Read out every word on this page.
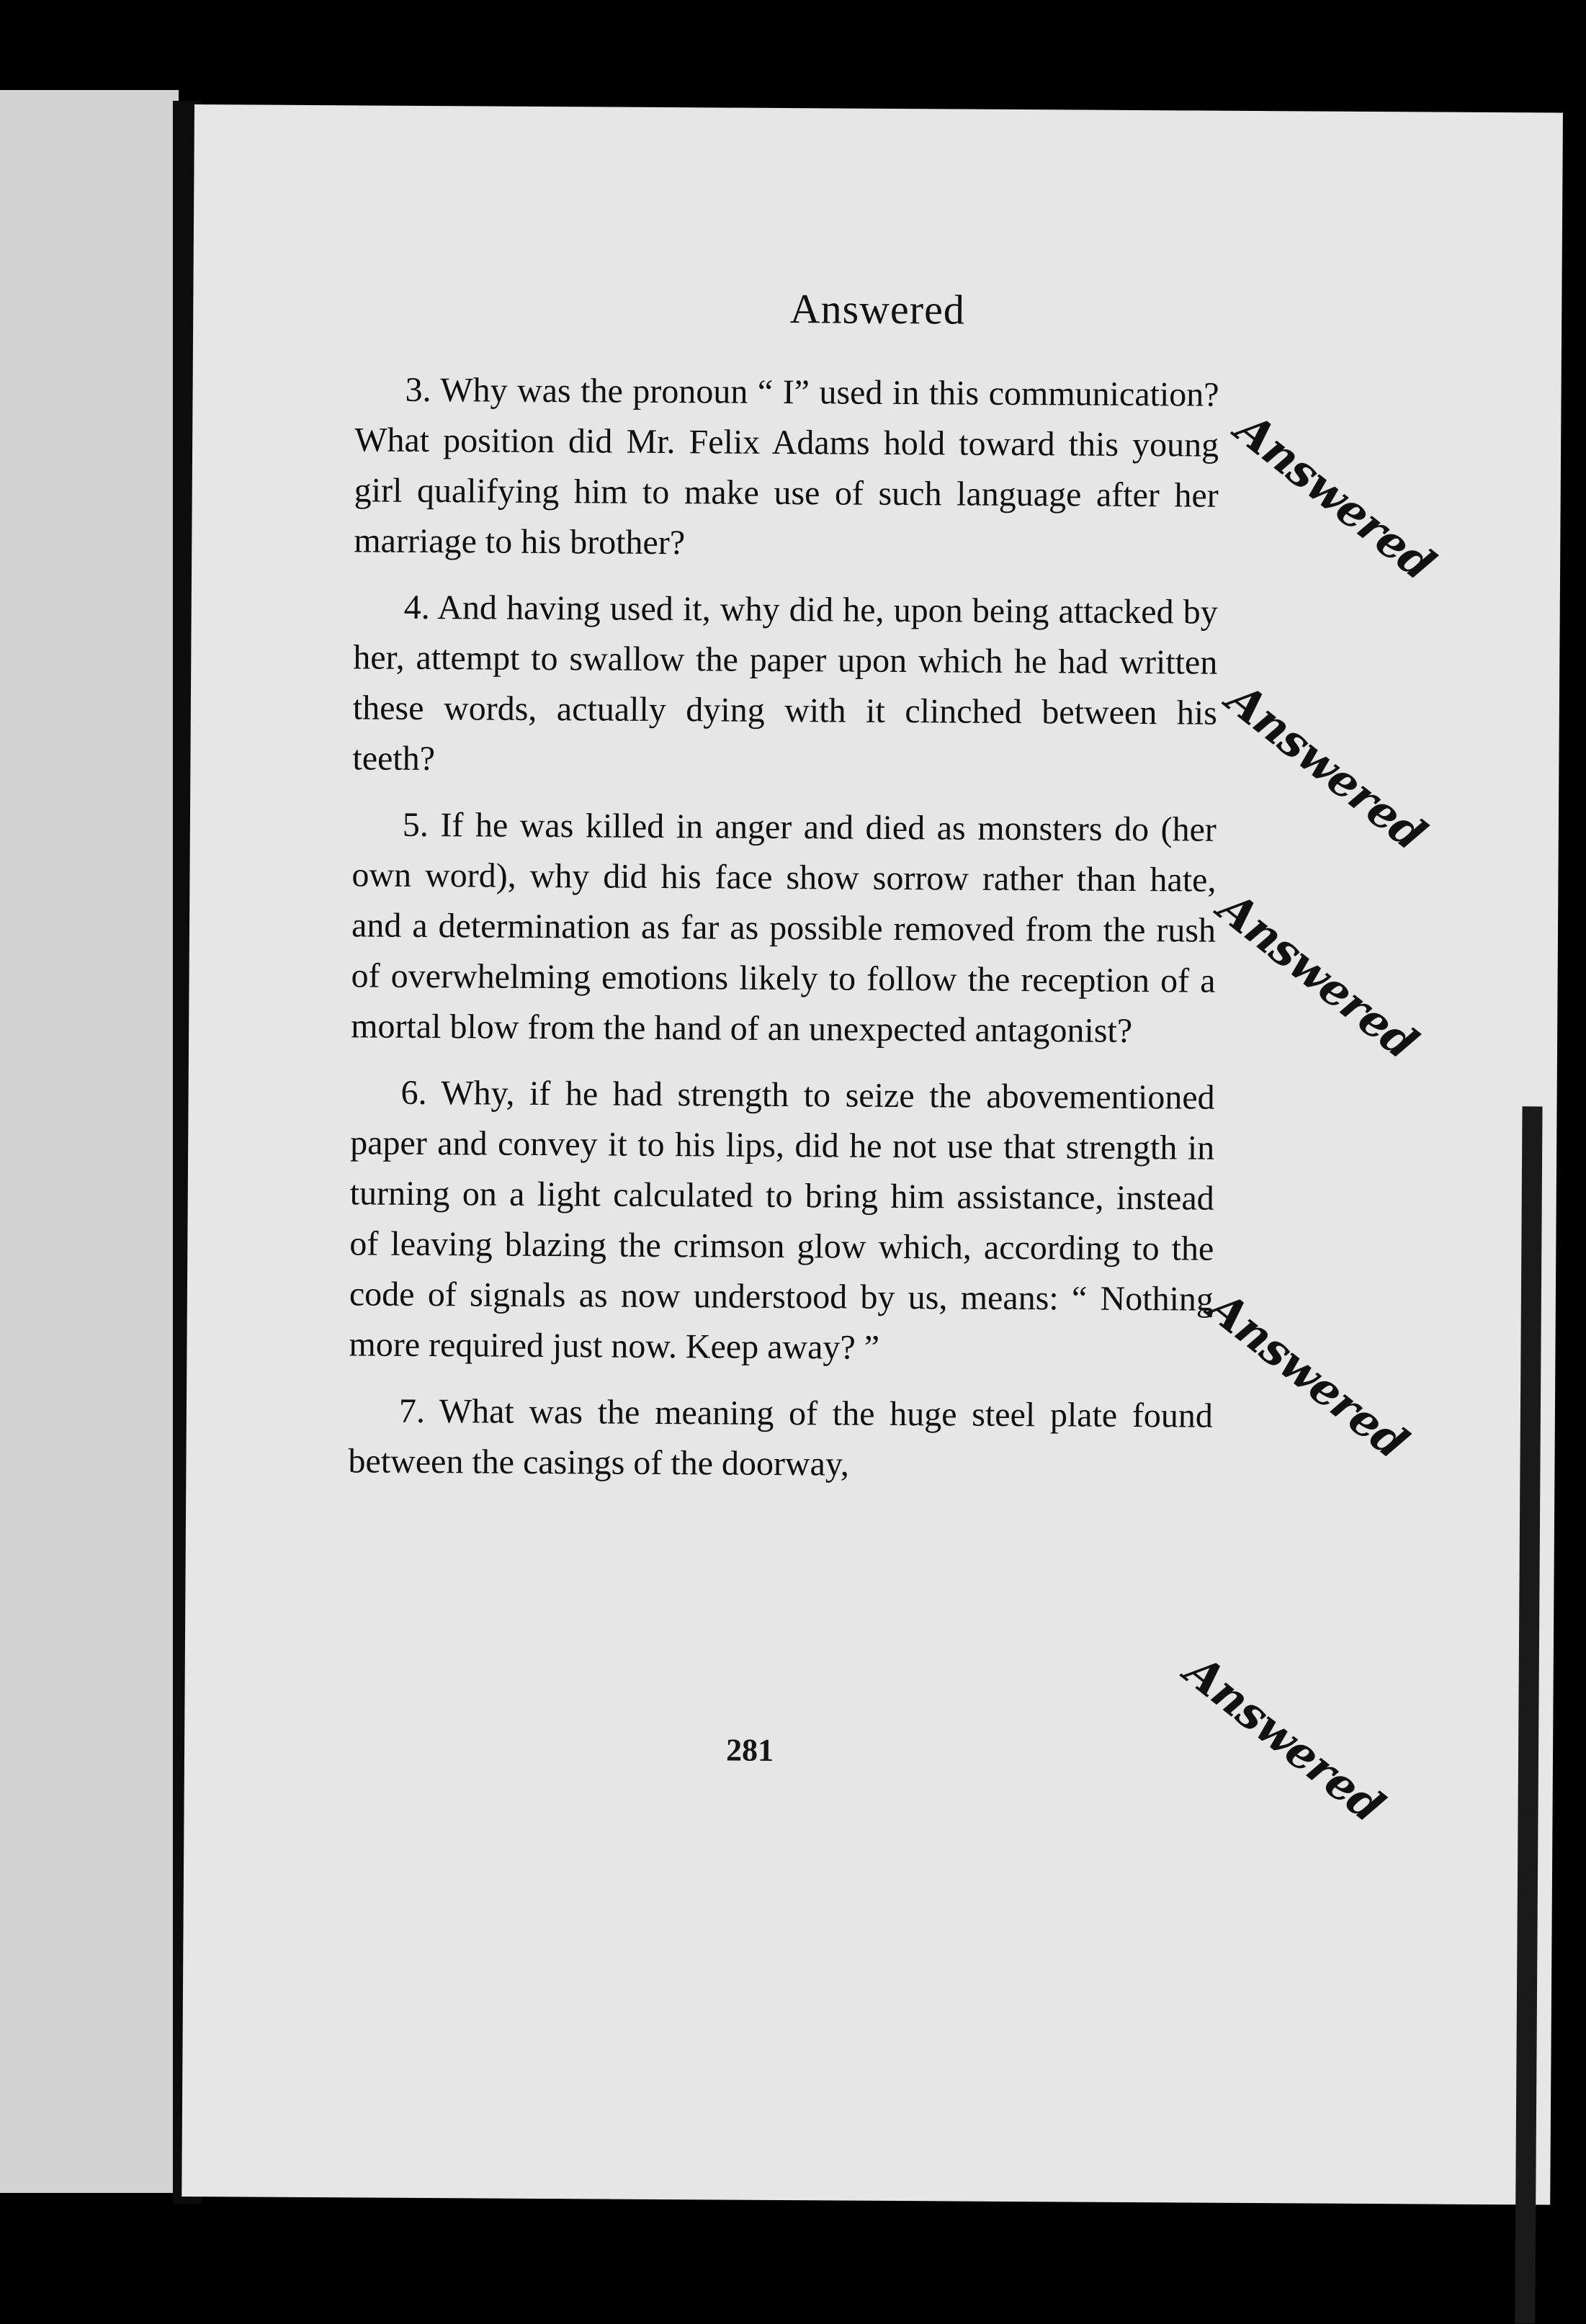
Answered

3. Why was the pronoun “ I” used in this communication? What position did Mr. Felix Adams hold toward this young girl qualifying him to make use of such language after her marriage to his brother?

4. And having used it, why did he, upon being attacked by her, attempt to swallow the paper upon which he had written these words, actually dying with it clinched between his teeth?

5. If he was killed in anger and died as monsters do (her own word), why did his face show sorrow rather than hate, and a determination as far as possible removed from the rush of overwhelming emotions likely to follow the reception of a mortal blow from the hand of an unexpected antagonist?

6. Why, if he had strength to seize the abovementioned paper and convey it to his lips, did he not use that strength in turning on a light calculated to bring him assistance, instead of leaving blazing the crimson glow which, according to the code of signals as now understood by us, means: “ Nothing more required just now. Keep away? ”

7. What was the meaning of the huge steel plate found between the casings of the doorway,

Answered
Answered
Answered
Answered
Answered
281
